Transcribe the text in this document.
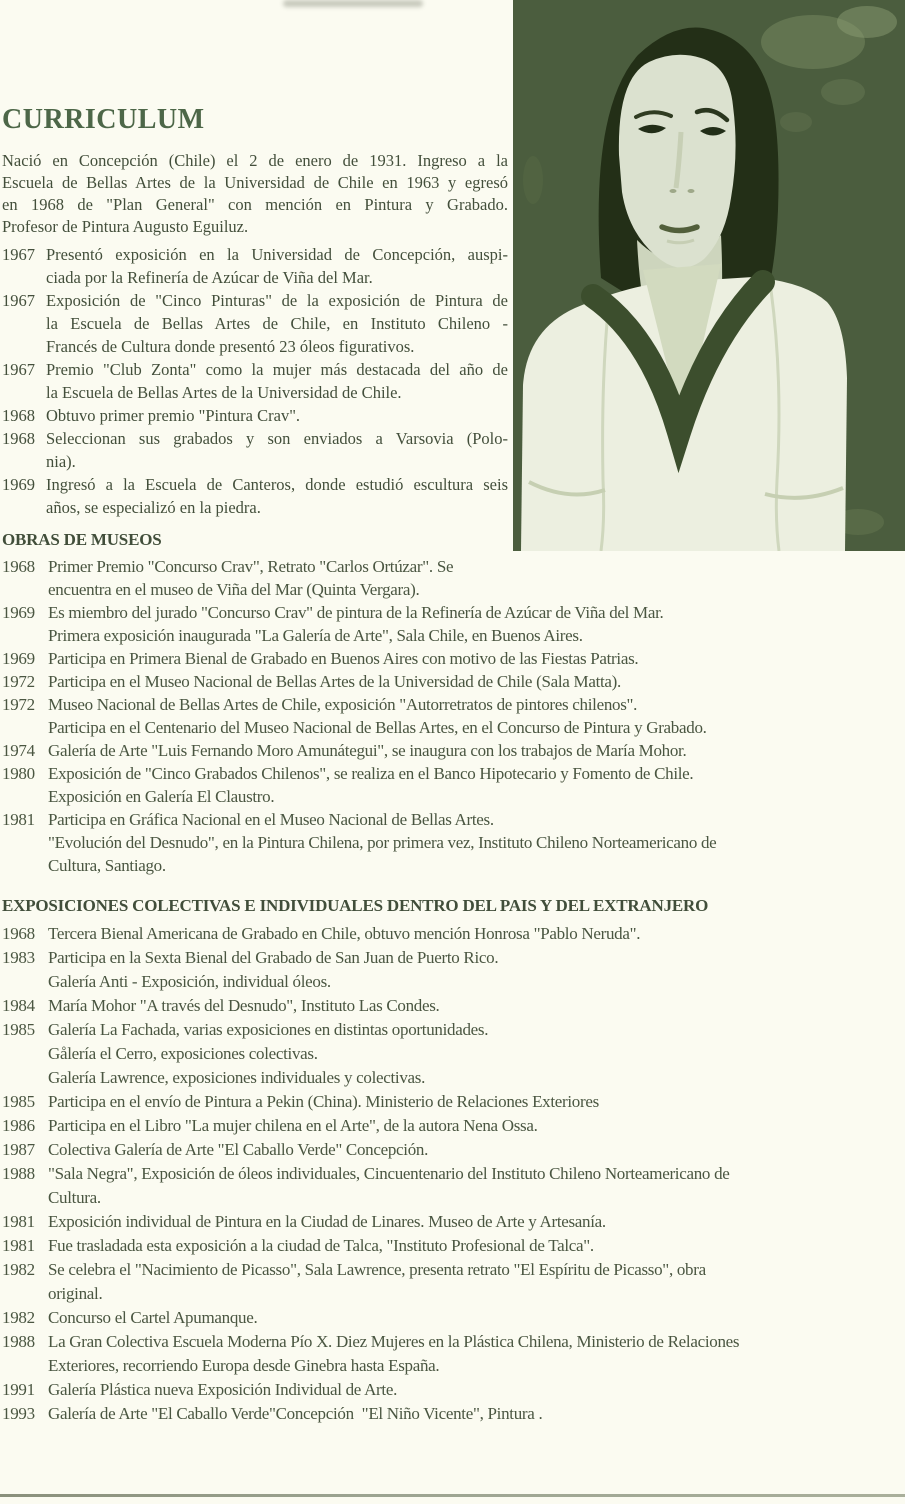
CURRICULUM
Nació en Concepción (Chile) el 2 de enero de 1931. Ingreso a la
Escuela de Bellas Artes de la Universidad de Chile en 1963 y egresó
en 1968 de "Plan General" con mención en Pintura y Grabado.
Profesor de Pintura Augusto Eguiluz.
1967 Presentó exposición en la Universidad de Concepción, auspi-
ciada por la Refinería de Azúcar de Viña del Mar.
1967 Exposición de "Cinco Pinturas" de la exposición de Pintura de
la Escuela de Bellas Artes de Chile, en Instituto Chileno -
Francés de Cultura donde presentó 23 óleos figurativos.
1967 Premio "Club Zonta" como la mujer más destacada del año de
la Escuela de Bellas Artes de la Universidad de Chile.
1968 Obtuvo primer premio "Pintura Crav".
1968 Seleccionan sus grabados y son enviados a Varsovia (Polo-
nia).
1969 Ingresó a la Escuela de Canteros, donde estudió escultura seis
años, se especializó en la piedra.
OBRAS DE MUSEOS
1968 Primer Premio "Concurso Crav", Retrato "Carlos Ortúzar". Se
encuentra en el museo de Viña del Mar (Quinta Vergara).
1969 Es miembro del jurado "Concurso Crav" de pintura de la Refinería de Azúcar de Viña del Mar.
Primera exposición inaugurada "La Galería de Arte", Sala Chile, en Buenos Aires.
1969 Participa en Primera Bienal de Grabado en Buenos Aires con motivo de las Fiestas Patrias.
1972 Participa en el Museo Nacional de Bellas Artes de la Universidad de Chile (Sala Matta).
1972 Museo Nacional de Bellas Artes de Chile, exposición "Autorretratos de pintores chilenos".
Participa en el Centenario del Museo Nacional de Bellas Artes, en el Concurso de Pintura y Grabado.
1974 Galería de Arte "Luis Fernando Moro Amunátegui", se inaugura con los trabajos de María Mohor.
1980 Exposición de "Cinco Grabados Chilenos", se realiza en el Banco Hipotecario y Fomento de Chile.
Exposición en Galería El Claustro.
1981 Participa en Gráfica Nacional en el Museo Nacional de Bellas Artes.
"Evolución del Desnudo", en la Pintura Chilena, por primera vez, Instituto Chileno Norteamericano de
Cultura, Santiago.
EXPOSICIONES COLECTIVAS E INDIVIDUALES DENTRO DEL PAIS Y DEL EXTRANJERO
1968 Tercera Bienal Americana de Grabado en Chile, obtuvo mención Honrosa "Pablo Neruda".
1983 Participa en la Sexta Bienal del Grabado de San Juan de Puerto Rico.
Galería Anti - Exposición, individual óleos.
1984 María Mohor "A través del Desnudo", Instituto Las Condes.
1985 Galería La Fachada, varias exposiciones en distintas oportunidades.
Gålería el Cerro, exposiciones colectivas.
Galería Lawrence, exposiciones individuales y colectivas.
1985 Participa en el envío de Pintura a Pekin (China). Ministerio de Relaciones Exteriores
1986 Participa en el Libro "La mujer chilena en el Arte", de la autora Nena Ossa.
1987 Colectiva Galería de Arte "El Caballo Verde" Concepción.
1988 "Sala Negra", Exposición de óleos individuales, Cincuentenario del Instituto Chileno Norteamericano de
Cultura.
1981 Exposición individual de Pintura en la Ciudad de Linares. Museo de Arte y Artesanía.
1981 Fue trasladada esta exposición a la ciudad de Talca, "Instituto Profesional de Talca".
1982 Se celebra el "Nacimiento de Picasso", Sala Lawrence, presenta retrato "El Espíritu de Picasso", obra
original.
1982 Concurso el Cartel Apumanque.
1988 La Gran Colectiva Escuela Moderna Pío X. Diez Mujeres en la Plástica Chilena, Ministerio de Relaciones
Exteriores, recorriendo Europa desde Ginebra hasta España.
1991 Galería Plástica nueva Exposición Individual de Arte.
1993 Galería de Arte "El Caballo Verde"Concepción  "El Niño Vicente", Pintura .
